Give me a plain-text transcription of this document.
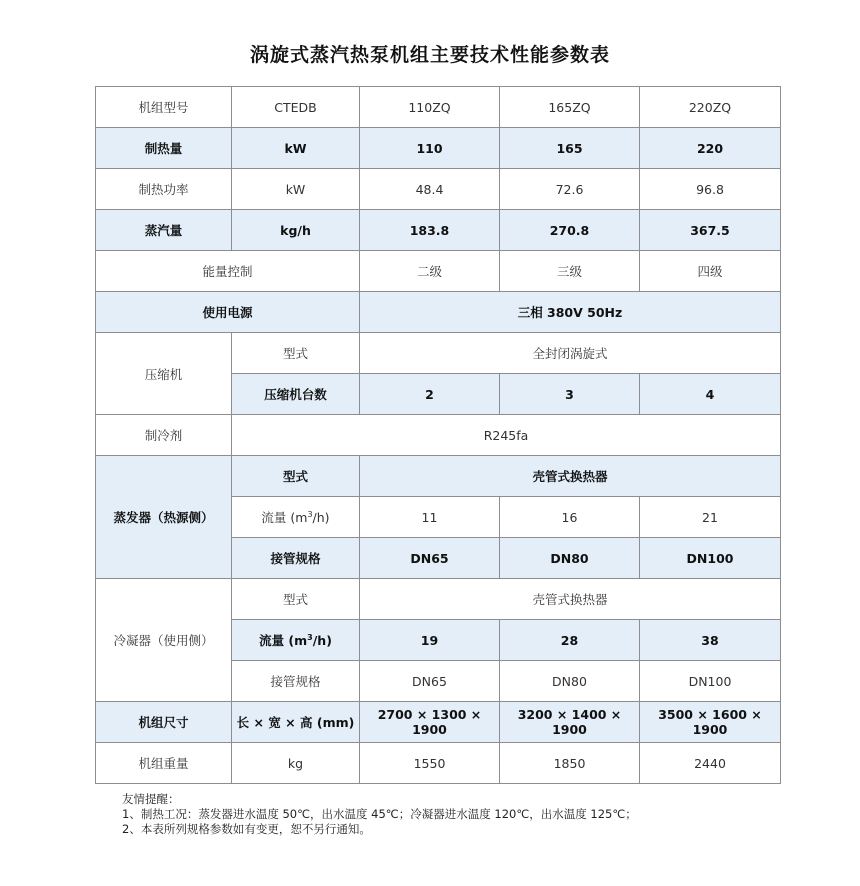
涡旋式蒸汽热泵机组主要技术性能参数表
机组型号	CTEDB	110ZQ	165ZQ	220ZQ
制热量	kW	110	165	220
制热功率	kW	48.4	72.6	96.8
蒸汽量	kg/h	183.8	270.8	367.5
能量控制		二级	三级	四级
使用电源		三相 380V 50Hz		
压缩机	型式	全封闭涡旋式		
	压缩机台数	2	3	4
制冷剂	R245fa			
蒸发器（热源侧）	型式	壳管式换热器		
	流量 $(m^3/h)$	11	16	21
	接管规格	DN65	DN80	DN100
冷凝器（使用侧）	型式	壳管式换热器		
	流量 $(m^3/h)$	19	28	38
	接管规格	DN65	DN80	DN100
机组尺寸	长 × 宽 × 高 (mm)	2700 × 1300 × 1900	3200 × 1400 × 1900	3500 × 1600 × 1900
机组重量	kg	1550	1850	2440
友情提醒：
1、制热工况：蒸发器进水温度 50℃，出水温度 45℃；冷凝器进水温度 120℃，出水温度 125℃；
2、本表所列规格参数如有变更，恕不另行通知。
